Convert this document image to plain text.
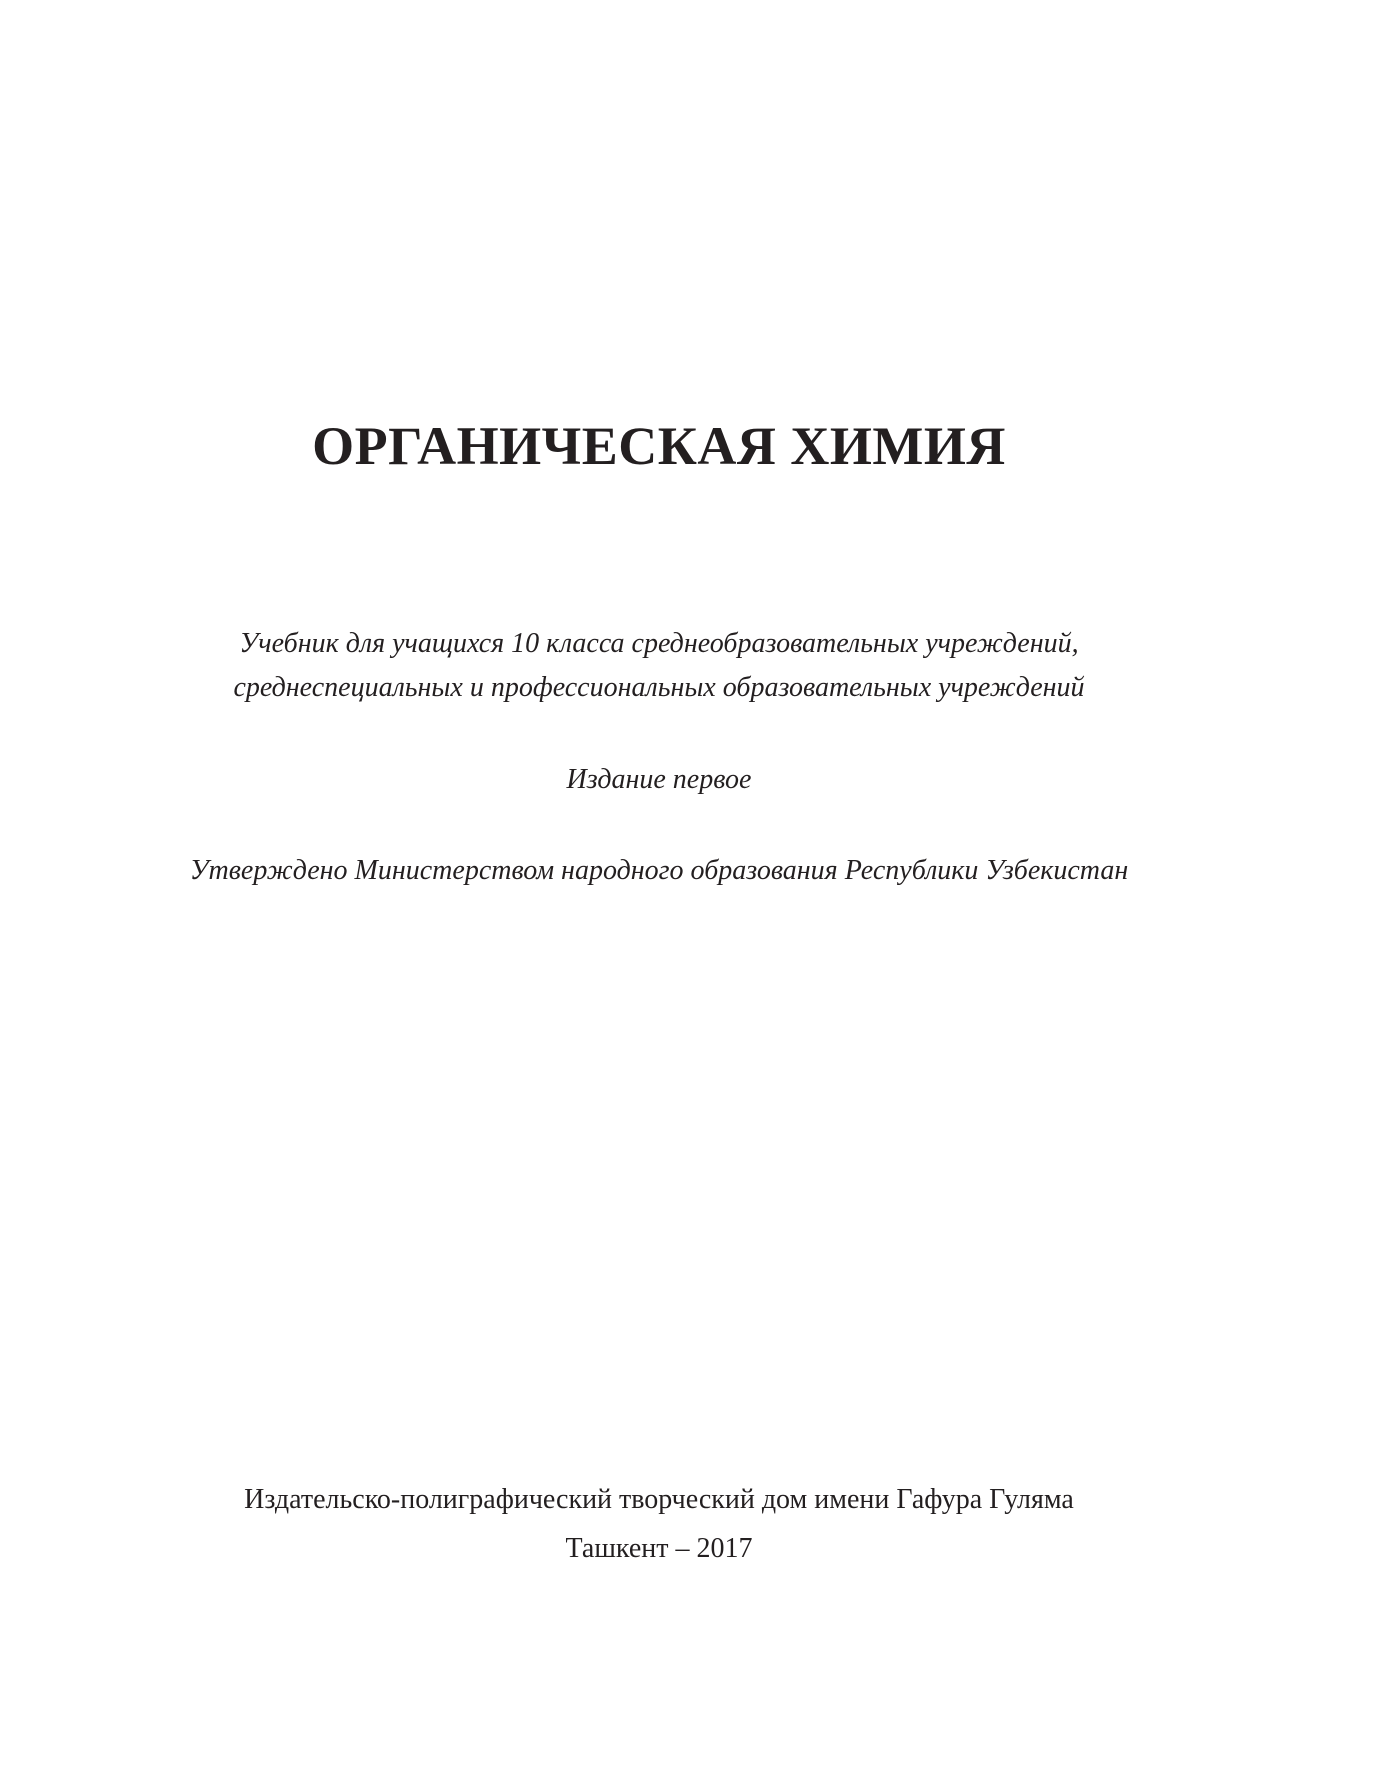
ОРГАНИЧЕСКАЯ ХИМИЯ
Учебник для учащихся 10 класса среднеобразовательных учреждений,
среднеспециальных и профессиональных образовательных учреждений
Издание первое
Утверждено Министерством народного образования Республики Узбекистан
Издательско-полиграфический творческий дом имени Гафура Гуляма
Ташкент – 2017
